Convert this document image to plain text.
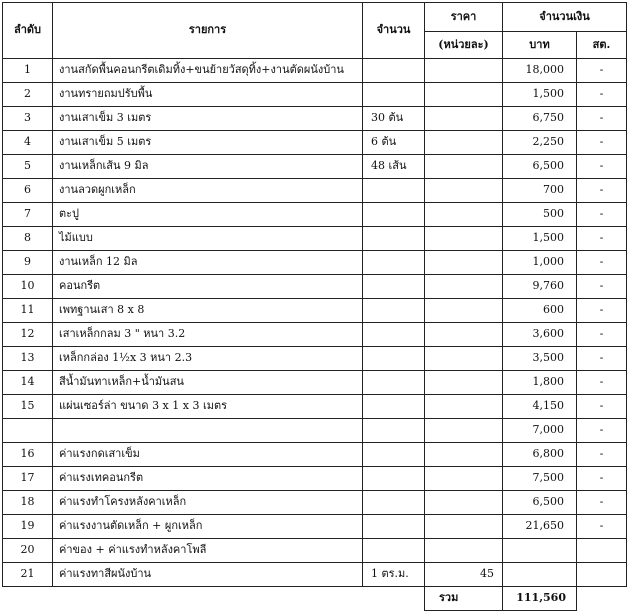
ลำดับ	รายการ	จำนวน	ราคา	จำนวนเงิน	
			(หน่วยละ)	บาท	สต.
1	งานสกัดพื้นคอนกรีตเดิมทิ้ง+ขนย้ายวัสดุทิ้ง+งานตัดผนังบ้าน			18,000	-
2	งานทรายถมปรับพื้น			1,500	-
3	งานเสาเข็ม 3 เมตร	30 ต้น		6,750	-
4	งานเสาเข็ม 5 เมตร	6 ต้น		2,250	-
5	งานเหล็กเส้น 9 มิล	48 เส้น		6,500	-
6	งานลวดผูกเหล็ก			700	-
7	ตะปู			500	-
8	ไม้แบบ			1,500	-
9	งานเหล็ก 12 มิล			1,000	-
10	คอนกรีต			9,760	-
11	เพทฐานเสา 8 x 8			600	-
12	เสาเหล็กกลม 3 " หนา 3.2			3,600	-
13	เหล็กกล่อง 1½x 3 หนา 2.3			3,500	-
14	สีน้ำมันทาเหล็ก+น้ำมันสน			1,800	-
15	แผ่นเซอร์ล่า ขนาด 3 x 1 x 3 เมตร			4,150	-
				7,000	-
16	ค่าแรงกดเสาเข็ม			6,800	-
17	ค่าแรงเทคอนกรีต			7,500	-
18	ค่าแรงทำโครงหลังคาเหล็ก			6,500	-
19	ค่าแรงงานตัดเหล็ก + ผูกเหล็ก			21,650	-
20	ค่าของ + ค่าแรงทำหลังคาโพลี				
21	ค่าแรงทาสีผนังบ้าน	1 ตร.ม.	45		
			รวม	111,560	
